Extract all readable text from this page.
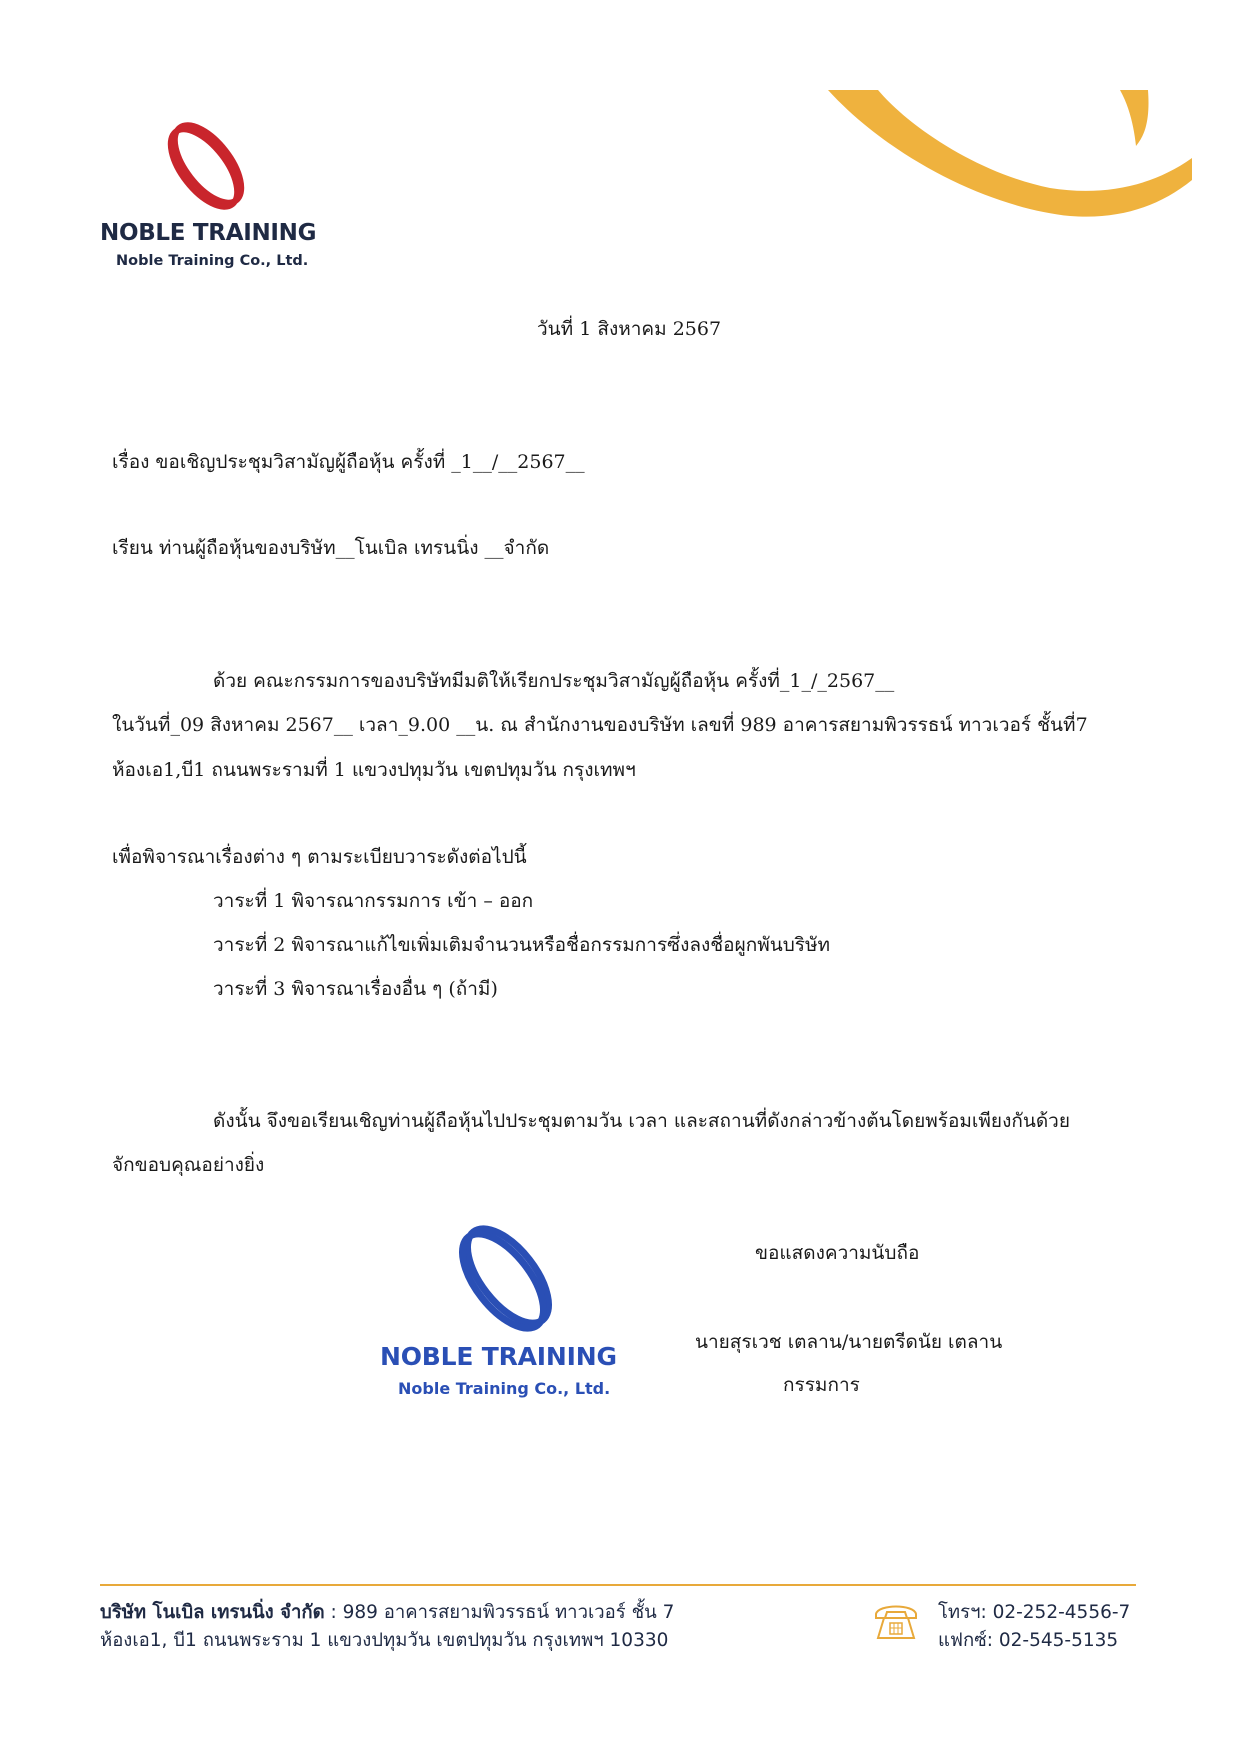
NOBLE TRAINING
Noble Training Co., Ltd.
วันที่ 1 สิงหาคม 2567
เรื่อง ขอเชิญประชุมวิสามัญผู้ถือหุ้น ครั้งที่ _1__/__2567__
เรียน ท่านผู้ถือหุ้นของบริษัท__โนเบิล เทรนนิ่ง __จำกัด
ด้วย คณะกรรมการของบริษัทมีมติให้เรียกประชุมวิสามัญผู้ถือหุ้น ครั้งที่_1_/_2567__
ในวันที่_09 สิงหาคม 2567__ เวลา_9.00 __น. ณ สำนักงานของบริษัท เลขที่ 989 อาคารสยามพิวรรธน์ ทาวเวอร์ ชั้นที่7
ห้องเอ1,บี1 ถนนพระรามที่ 1 แขวงปทุมวัน เขตปทุมวัน กรุงเทพฯ
เพื่อพิจารณาเรื่องต่าง ๆ ตามระเบียบวาระดังต่อไปนี้
วาระที่ 1 พิจารณากรรมการ เข้า – ออก
วาระที่ 2 พิจารณาแก้ไขเพิ่มเติมจำนวนหรือชื่อกรรมการซึ่งลงชื่อผูกพันบริษัท
วาระที่ 3 พิจารณาเรื่องอื่น ๆ (ถ้ามี)
ดังนั้น จึงขอเรียนเชิญท่านผู้ถือหุ้นไปประชุมตามวัน เวลา และสถานที่ดังกล่าวข้างต้นโดยพร้อมเพียงกันด้วย
จักขอบคุณอย่างยิ่ง
ขอแสดงความนับถือ
นายสุรเวช เตลาน/นายตรีดนัย เตลาน
กรรมการ
NOBLE TRAINING
Noble Training Co., Ltd.
บริษัท โนเบิล เทรนนิ่ง จำกัด : 989 อาคารสยามพิวรรธน์ ทาวเวอร์ ชั้น 7
ห้องเอ1, บี1 ถนนพระราม 1 แขวงปทุมวัน เขตปทุมวัน กรุงเทพฯ 10330
โทรฯ: 02-252-4556-7
แฟกซ์: 02-545-5135
